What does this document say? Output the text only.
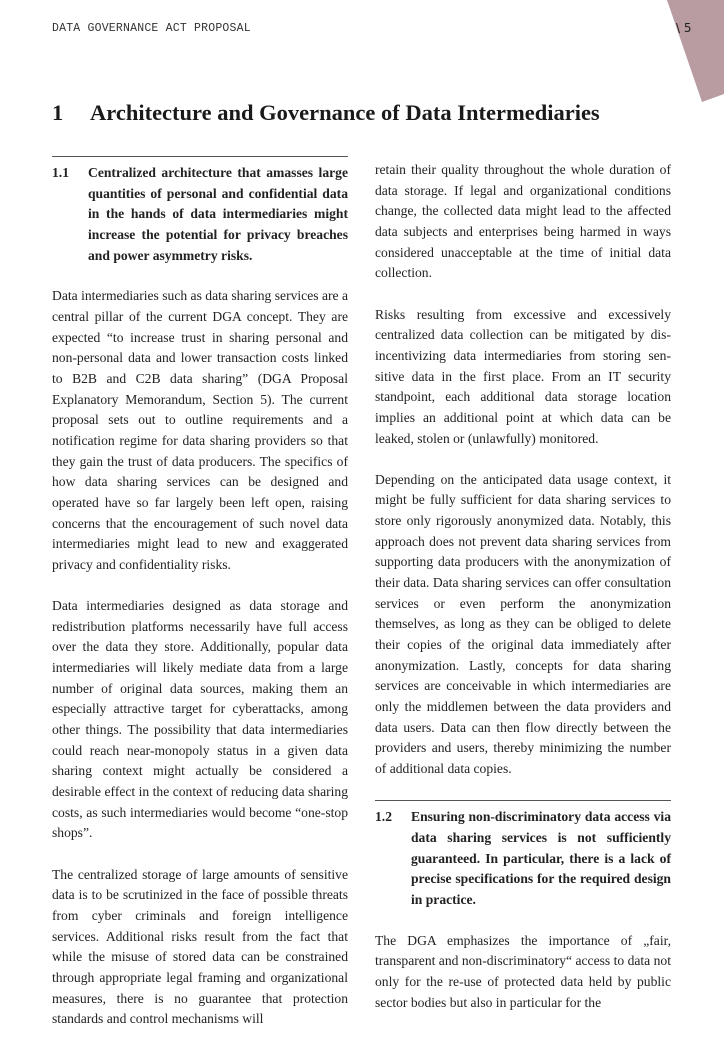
DATA GOVERNANCE ACT PROPOSAL	\ 5
1 Architecture and Governance of Data Intermediaries
1.1	Centralized architecture that amasses large quantities of personal and confidential data in the hands of data intermediaries might increase the potential for privacy breaches and power asymmetry risks.

Data intermediaries such as data sharing services are a central pillar of the current DGA concept. They are expected “to increase trust in sharing personal and non-personal data and lower transaction costs linked to B2B and C2B data sharing” (DGA Proposal Explanatory Memorandum, Section 5). The current proposal sets out to outline requirements and a notification regime for data sharing providers so that they gain the trust of data producers. The specifics of how data sharing services can be designed and operated have so far largely been left open, raising concerns that the encouragement of such novel data intermediaries might lead to new and exaggerated privacy and confidentiality risks.

Data intermediaries designed as data storage and redistribution platforms necessarily have full access over the data they store. Additionally, popular data intermediaries will likely mediate data from a large number of original data sources, making them an especially attractive target for cyberattacks, among other things. The possibility that data intermediaries could reach near-monopoly status in a given data sharing context might actually be considered a desirable effect in the context of reducing data sharing costs, as such intermediaries would become “one-stop shops”.

The centralized storage of large amounts of sensitive data is to be scrutinized in the face of possible threats from cyber criminals and foreign intelligence services. Additional risks result from the fact that while the misuse of stored data can be constrained through appropriate legal framing and organizational measures, there is no guarantee that protection standards and control mechanisms will

retain their quality throughout the whole duration of data storage. If legal and organizational conditions change, the collected data might lead to the affected data subjects and enterprises being harmed in ways considered unacceptable at the time of initial data collection.

Risks resulting from excessive and excessively centralized data collection can be mitigated by disincentivizing data intermediaries from storing sensitive data in the first place. From an IT security standpoint, each additional data storage location implies an additional point at which data can be leaked, stolen or (unlawfully) monitored.

Depending on the anticipated data usage context, it might be fully sufficient for data sharing services to store only rigorously anonymized data. Notably, this approach does not prevent data sharing services from supporting data producers with the anonymization of their data. Data sharing services can offer consultation services or even perform the anonymization themselves, as long as they can be obliged to delete their copies of the original data immediately after anonymization. Lastly, concepts for data sharing services are conceivable in which intermediaries are only the middlemen between the data providers and data users. Data can then flow directly between the providers and users, thereby minimizing the number of additional data copies.

1.2	Ensuring non-discriminatory data access via data sharing services is not sufficiently guaranteed. In particular, there is a lack of precise specifications for the required design in practice.

The DGA emphasizes the importance of „fair, transparent and non-discriminatory“ access to data not only for the re-use of protected data held by public sector bodies but also in particular for the
